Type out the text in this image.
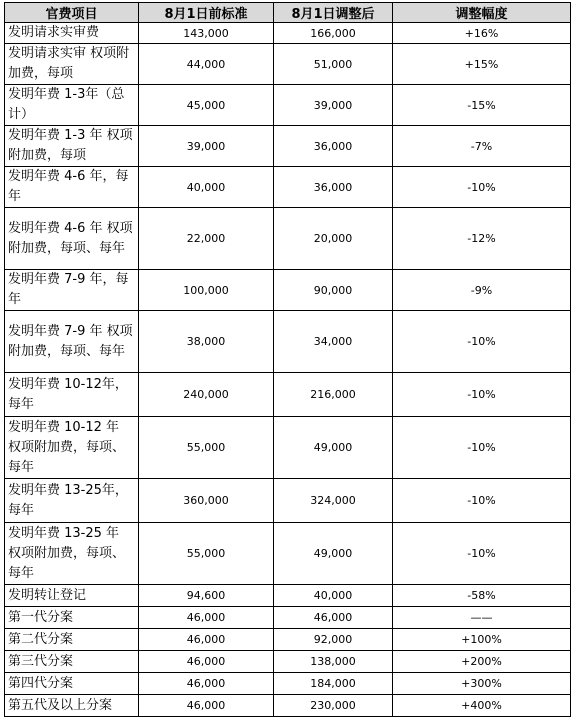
官费项目	8月1日前标准	8月1日调整后	调整幅度
发明请求实审费	143,000	166,000	+16%
发明请求实审 权项附加费，每项	44,000	51,000	+15%
发明年费 1-3年（总计）	45,000	39,000	-15%
发明年费 1-3 年 权项附加费，每项	39,000	36,000	-7%
发明年费 4-6 年，每年	40,000	36,000	-10%
发明年费 4-6 年 权项附加费，每项、每年	22,000	20,000	-12%
发明年费 7-9 年，每年	100,000	90,000	-9%
发明年费 7-9 年 权项附加费，每项、每年	38,000	34,000	-10%
发明年费 10-12年，每年	240,000	216,000	-10%
发明年费 10-12 年 权项附加费，每项、每年	55,000	49,000	-10%
发明年费 13-25年，每年	360,000	324,000	-10%
发明年费 13-25 年 权项附加费，每项、每年	55,000	49,000	-10%
发明转让登记	94,600	40,000	-58%
第一代分案	46,000	46,000	——
第二代分案	46,000	92,000	+100%
第三代分案	46,000	138,000	+200%
第四代分案	46,000	184,000	+300%
第五代及以上分案	46,000	230,000	+400%
